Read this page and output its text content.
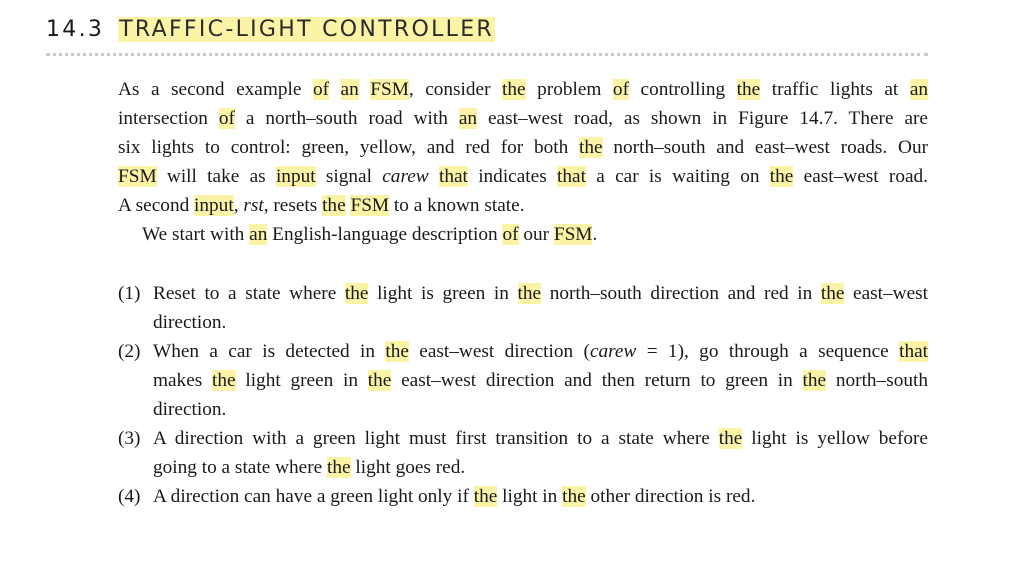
14.3 TRAFFIC-LIGHT CONTROLLER

As a second example of an FSM, consider the problem of controlling the traffic lights at an

intersection of a north–south road with an east–west road, as shown in Figure 14.7. There are

six lights to control: green, yellow, and red for both the north–south and east–west roads. Our

FSM will take as input signal carew that indicates that a car is waiting on the east–west road.

A second input, rst, resets the FSM to a known state.

We start with an English-language description of our FSM.

(1) Reset to a state where the light is green in the north–south direction and red in the east–west

direction.

(2) When a car is detected in the east–west direction (carew = 1), go through a sequence that

makes the light green in the east–west direction and then return to green in the north–south

direction.

(3) A direction with a green light must first transition to a state where the light is yellow before

going to a state where the light goes red.

(4) A direction can have a green light only if the light in the other direction is red.
